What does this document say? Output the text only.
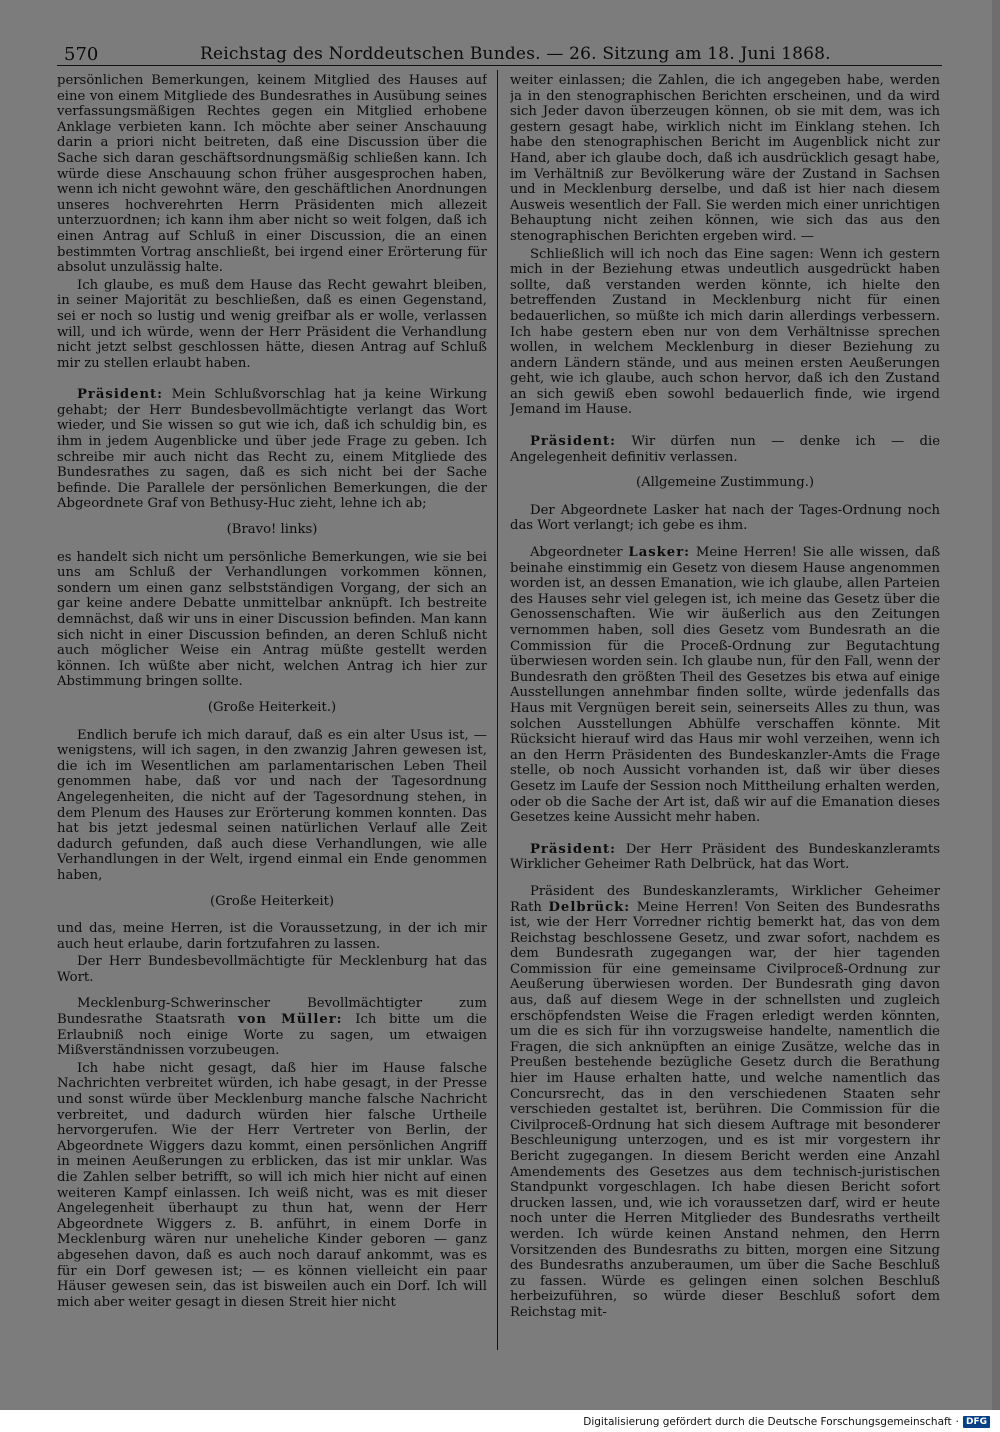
570	Reichstag des Norddeutschen Bundes. — 26. Sitzung am 18. Juni 1868.

persönlichen Bemerkungen, keinem Mitglied des Hauses auf eine von einem Mitgliede des Bundesrathes in Ausübung seines verfassungsmäßigen Rechtes gegen ein Mitglied erhobene Anklage verbieten kann. Ich möchte aber seiner Anschauung darin a priori nicht beitreten, daß eine Discussion über die Sache sich daran geschäftsordnungsmäßig schließen kann. Ich würde diese Anschauung schon früher ausgesprochen haben, wenn ich nicht gewohnt wäre, den geschäftlichen Anordnungen unseres hochverehrten Herrn Präsidenten mich allezeit unterzuordnen; ich kann ihm aber nicht so weit folgen, daß ich einen Antrag auf Schluß in einer Discussion, die an einen bestimmten Vortrag anschließt, bei irgend einer Erörterung für absolut unzulässig halte.

Ich glaube, es muß dem Hause das Recht gewahrt bleiben, in seiner Majorität zu beschließen, daß es einen Gegenstand, sei er noch so lustig und wenig greifbar als er wolle, verlassen will, und ich würde, wenn der Herr Präsident die Verhandlung nicht jetzt selbst geschlossen hätte, diesen Antrag auf Schluß mir zu stellen erlaubt haben.

Präsident: Mein Schlußvorschlag hat ja keine Wirkung gehabt; der Herr Bundesbevollmächtigte verlangt das Wort wieder, und Sie wissen so gut wie ich, daß ich schuldig bin, es ihm in jedem Augenblicke und über jede Frage zu geben. Ich schreibe mir auch nicht das Recht zu, einem Mitgliede des Bundesrathes zu sagen, daß es sich nicht bei der Sache befinde. Die Parallele der persönlichen Bemerkungen, die der Abgeordnete Graf von Bethusy-Huc zieht, lehne ich ab;

(Bravo! links)

es handelt sich nicht um persönliche Bemerkungen, wie sie bei uns am Schluß der Verhandlungen vorkommen können, sondern um einen ganz selbstständigen Vorgang, der sich an gar keine andere Debatte unmittelbar anknüpft. Ich bestreite demnächst, daß wir uns in einer Discussion befinden. Man kann sich nicht in einer Discussion befinden, an deren Schluß nicht auch möglicher Weise ein Antrag müßte gestellt werden können. Ich wüßte aber nicht, welchen Antrag ich hier zur Abstimmung bringen sollte.

(Große Heiterkeit.)

Endlich berufe ich mich darauf, daß es ein alter Usus ist, — wenigstens, will ich sagen, in den zwanzig Jahren gewesen ist, die ich im Wesentlichen am parlamentarischen Leben Theil genommen habe, daß vor und nach der Tagesordnung Angelegenheiten, die nicht auf der Tagesordnung stehen, in dem Plenum des Hauses zur Erörterung kommen konnten. Das hat bis jetzt jedesmal seinen natürlichen Verlauf alle Zeit dadurch gefunden, daß auch diese Verhandlungen, wie alle Verhandlungen in der Welt, irgend einmal ein Ende genommen haben,

(Große Heiterkeit)

und das, meine Herren, ist die Voraussetzung, in der ich mir auch heut erlaube, darin fortzufahren zu lassen.

Der Herr Bundesbevollmächtigte für Mecklenburg hat das Wort.

Mecklenburg-Schwerinscher Bevollmächtigter zum Bundesrathe Staatsrath von Müller: Ich bitte um die Erlaubniß noch einige Worte zu sagen, um etwaigen Mißverständnissen vorzubeugen.

Ich habe nicht gesagt, daß hier im Hause falsche Nachrichten verbreitet würden, ich habe gesagt, in der Presse und sonst würde über Mecklenburg manche falsche Nachricht verbreitet, und dadurch würden hier falsche Urtheile hervorgerufen. Wie der Herr Vertreter von Berlin, der Abgeordnete Wiggers dazu kommt, einen persönlichen Angriff in meinen Aeußerungen zu erblicken, das ist mir unklar. Was die Zahlen selber betrifft, so will ich mich hier nicht auf einen weiteren Kampf einlassen. Ich weiß nicht, was es mit dieser Angelegenheit überhaupt zu thun hat, wenn der Herr Abgeordnete Wiggers z. B. anführt, in einem Dorfe in Mecklenburg wären nur uneheliche Kinder geboren — ganz abgesehen davon, daß es auch noch darauf ankommt, was es für ein Dorf gewesen ist; — es können vielleicht ein paar Häuser gewesen sein, das ist bisweilen auch ein Dorf. Ich will mich aber weiter gesagt in diesen Streit hier nicht

weiter einlassen; die Zahlen, die ich angegeben habe, werden ja in den stenographischen Berichten erscheinen, und da wird sich Jeder davon überzeugen können, ob sie mit dem, was ich gestern gesagt habe, wirklich nicht im Einklang stehen. Ich habe den stenographischen Bericht im Augenblick nicht zur Hand, aber ich glaube doch, daß ich ausdrücklich gesagt habe, im Verhältniß zur Bevölkerung wäre der Zustand in Sachsen und in Mecklenburg derselbe, und daß ist hier nach diesem Ausweis wesentlich der Fall. Sie werden mich einer unrichtigen Behauptung nicht zeihen können, wie sich das aus den stenographischen Berichten ergeben wird. —

Schließlich will ich noch das Eine sagen: Wenn ich gestern mich in der Beziehung etwas undeutlich ausgedrückt haben sollte, daß verstanden werden könnte, ich hielte den betreffenden Zustand in Mecklenburg nicht für einen bedauerlichen, so müßte ich mich darin allerdings verbessern. Ich habe gestern eben nur von dem Verhältnisse sprechen wollen, in welchem Mecklenburg in dieser Beziehung zu andern Ländern stände, und aus meinen ersten Aeußerungen geht, wie ich glaube, auch schon hervor, daß ich den Zustand an sich gewiß eben sowohl bedauerlich finde, wie irgend Jemand im Hause.

Präsident: Wir dürfen nun — denke ich — die Angelegenheit definitiv verlassen.

(Allgemeine Zustimmung.)

Der Abgeordnete Lasker hat nach der Tages-Ordnung noch das Wort verlangt; ich gebe es ihm.

Abgeordneter Lasker: Meine Herren! Sie alle wissen, daß beinahe einstimmig ein Gesetz von diesem Hause angenommen worden ist, an dessen Emanation, wie ich glaube, allen Parteien des Hauses sehr viel gelegen ist, ich meine das Gesetz über die Genossenschaften. Wie wir äußerlich aus den Zeitungen vernommen haben, soll dies Gesetz vom Bundesrath an die Commission für die Proceß-Ordnung zur Begutachtung überwiesen worden sein. Ich glaube nun, für den Fall, wenn der Bundesrath den größten Theil des Gesetzes bis etwa auf einige Ausstellungen annehmbar finden sollte, würde jedenfalls das Haus mit Vergnügen bereit sein, seinerseits Alles zu thun, was solchen Ausstellungen Abhülfe verschaffen könnte. Mit Rücksicht hierauf wird das Haus mir wohl verzeihen, wenn ich an den Herrn Präsidenten des Bundeskanzler-Amts die Frage stelle, ob noch Aussicht vorhanden ist, daß wir über dieses Gesetz im Laufe der Session noch Mittheilung erhalten werden, oder ob die Sache der Art ist, daß wir auf die Emanation dieses Gesetzes keine Aussicht mehr haben.

Präsident: Der Herr Präsident des Bundeskanzleramts Wirklicher Geheimer Rath Delbrück, hat das Wort.

Präsident des Bundeskanzleramts, Wirklicher Geheimer Rath Delbrück: Meine Herren! Von Seiten des Bundesraths ist, wie der Herr Vorredner richtig bemerkt hat, das von dem Reichstag beschlossene Gesetz, und zwar sofort, nachdem es dem Bundesrath zugegangen war, der hier tagenden Commission für eine gemeinsame Civilproceß-Ordnung zur Aeußerung überwiesen worden. Der Bundesrath ging davon aus, daß auf diesem Wege in der schnellsten und zugleich erschöpfendsten Weise die Fragen erledigt werden könnten, um die es sich für ihn vorzugsweise handelte, namentlich die Fragen, die sich anknüpften an einige Zusätze, welche das in Preußen bestehende bezügliche Gesetz durch die Berathung hier im Hause erhalten hatte, und welche namentlich das Concursrecht, das in den verschiedenen Staaten sehr verschieden gestaltet ist, berühren. Die Commission für die Civilproceß-Ordnung hat sich diesem Auftrage mit besonderer Beschleunigung unterzogen, und es ist mir vorgestern ihr Bericht zugegangen. In diesem Bericht werden eine Anzahl Amendements des Gesetzes aus dem technisch-juristischen Standpunkt vorgeschlagen. Ich habe diesen Bericht sofort drucken lassen, und, wie ich voraussetzen darf, wird er heute noch unter die Herren Mitglieder des Bundesraths vertheilt werden. Ich würde keinen Anstand nehmen, den Herrn Vorsitzenden des Bundesraths zu bitten, morgen eine Sitzung des Bundesraths anzuberaumen, um über die Sache Beschluß zu fassen. Würde es gelingen einen solchen Beschluß herbeizuführen, so würde dieser Beschluß sofort dem Reichstag mit-

Digitalisierung gefördert durch die Deutsche Forschungsgemeinschaft · DFG
